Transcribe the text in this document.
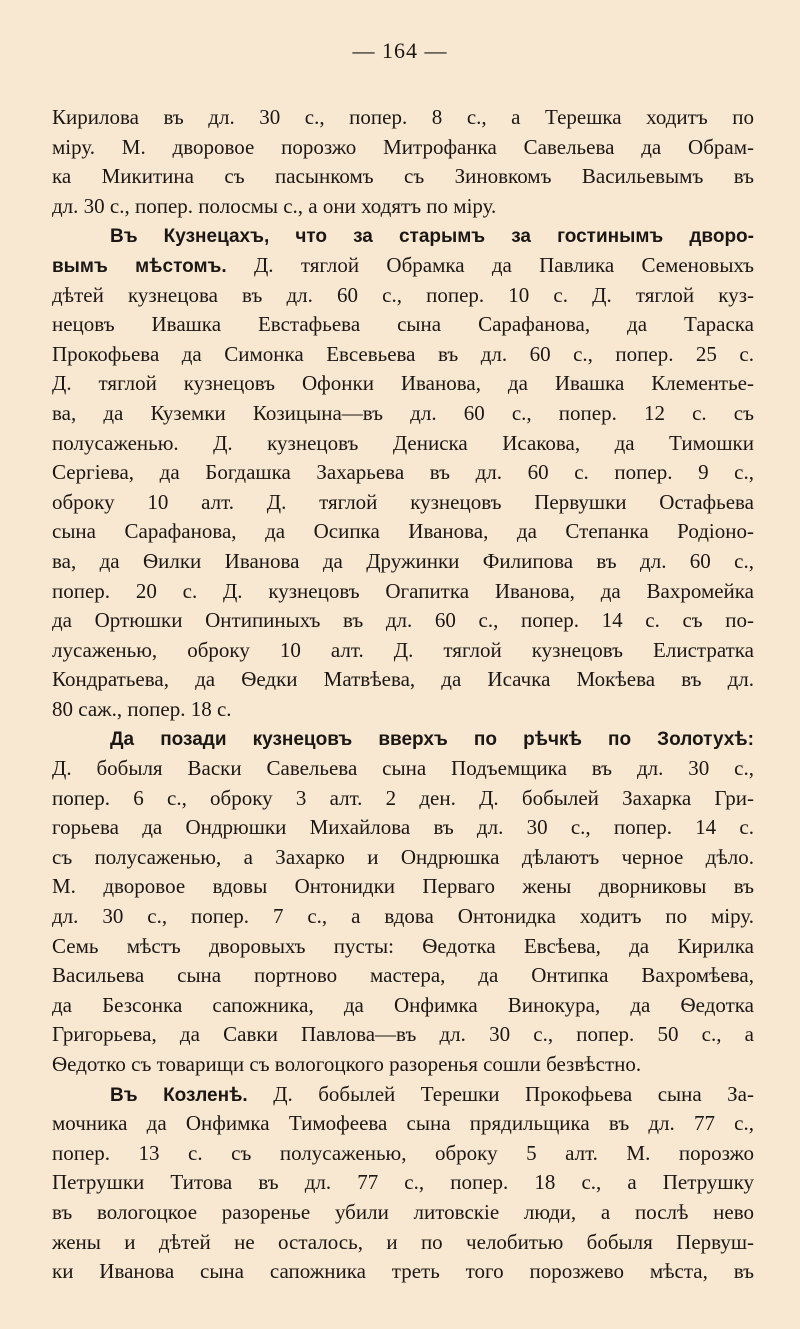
— 164 —
Кирилова въ дл. 30 с., попер. 8 с., а Терешка ходитъ по
міру. М. дворовое порозжо Митрофанка Савельева да Обрам-
ка Микитина съ пасынкомъ съ Зиновкомъ Васильевымъ въ
дл. 30 с., попер. полосмы с., а они ходятъ по міру.
Въ Кузнецахъ, что за старымъ за гостинымъ дворо-
вымъ мѣстомъ. Д. тяглой Обрамка да Павлика Семеновыхъ
дѣтей кузнецова въ дл. 60 с., попер. 10 с. Д. тяглой куз-
нецовъ Ивашка Евстафьева сына Сарафанова, да Тараска
Прокофьева да Симонка Евсевьева въ дл. 60 с., попер. 25 с.
Д. тяглой кузнецовъ Офонки Иванова, да Ивашка Клементье-
ва, да Куземки Козицына—въ дл. 60 с., попер. 12 с. съ
полусаженью. Д. кузнецовъ Дениска Исакова, да Тимошки
Сергіева, да Богдашка Захарьева въ дл. 60 с. попер. 9 с.,
оброку 10 алт. Д. тяглой кузнецовъ Первушки Остафьева
сына Сарафанова, да Осипка Иванова, да Степанка Родіоно-
ва, да Ѳилки Иванова да Дружинки Филипова въ дл. 60 с.,
попер. 20 с. Д. кузнецовъ Огапитка Иванова, да Вахромейка
да Ортюшки Онтипиныхъ въ дл. 60 с., попер. 14 с. съ по-
лусаженью, оброку 10 алт. Д. тяглой кузнецовъ Елистратка
Кондратьева, да Ѳедки Матвѣева, да Исачка Мокѣева въ дл.
80 саж., попер. 18 с.
Да позади кузнецовъ вверхъ по рѣчкѣ по Золотухѣ:
Д. бобыля Васки Савельева сына Подъемщика въ дл. 30 с.,
попер. 6 с., оброку 3 алт. 2 ден. Д. бобылей Захарка Гри-
горьева да Ондрюшки Михайлова въ дл. 30 с., попер. 14 с.
съ полусаженью, а Захарко и Ондрюшка дѣлаютъ черное дѣло.
М. дворовое вдовы Онтонидки Перваго жены дворниковы въ
дл. 30 с., попер. 7 с., а вдова Онтонидка ходитъ по міру.
Семь мѣстъ дворовыхъ пусты: Ѳедотка Евсѣева, да Кирилка
Васильева сына портново мастера, да Онтипка Вахромѣева,
да Безсонка сапожника, да Онфимка Винокура, да Ѳедотка
Григорьева, да Савки Павлова—въ дл. 30 с., попер. 50 с., а
Ѳедотко съ товарищи съ вологоцкого разоренья сошли безвѣстно.
Въ Козленѣ. Д. бобылей Терешки Прокофьева сына За-
мочника да Онфимка Тимофеева сына прядильщика въ дл. 77 с.,
попер. 13 с. съ полусаженью, оброку 5 алт. М. порозжо
Петрушки Титова въ дл. 77 с., попер. 18 с., а Петрушку
въ вологоцкое разоренье убили литовскіе люди, а послѣ нево
жены и дѣтей не осталось, и по челобитью бобыля Первуш-
ки Иванова сына сапожника треть того порозжево мѣста, въ
